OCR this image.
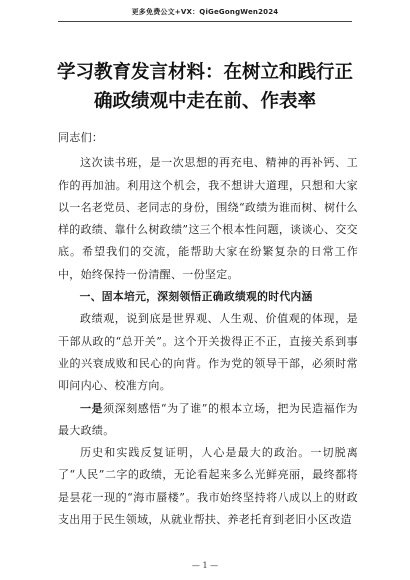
更多免费公文+VX：QiGeGongWen2024
学习教育发言材料：在树立和践行正确政绩观中走在前、作表率

同志们：

这次读书班，是一次思想的再充电、精神的再补钙、工作的再加油。利用这个机会，我不想讲大道理，只想和大家以一名老党员、老同志的身份，围绕“政绩为谁而树、树什么样的政绩、靠什么树政绩”这三个根本性问题，谈谈心、交交底。希望我们的交流，能帮助大家在纷繁复杂的日常工作中，始终保持一份清醒、一份坚定。

一、固本培元，深刻领悟正确政绩观的时代内涵

政绩观，说到底是世界观、人生观、价值观的体现，是干部从政的“总开关”。这个开关拨得正不正，直接关系到事业的兴衰成败和民心的向背。作为党的领导干部，必须时常叩问内心、校准方向。

一是须深刻感悟“为了谁”的根本立场，把为民造福作为最大政绩。

历史和实践反复证明，人心是最大的政治。一切脱离了“人民”二字的政绩，无论看起来多么光鲜亮丽，最终都将是昙花一现的“海市蜃楼”。我市始终坚持将八成以上的财政支出用于民生领域，从就业帮扶、养老托育到老旧小区改造

— 1 —
